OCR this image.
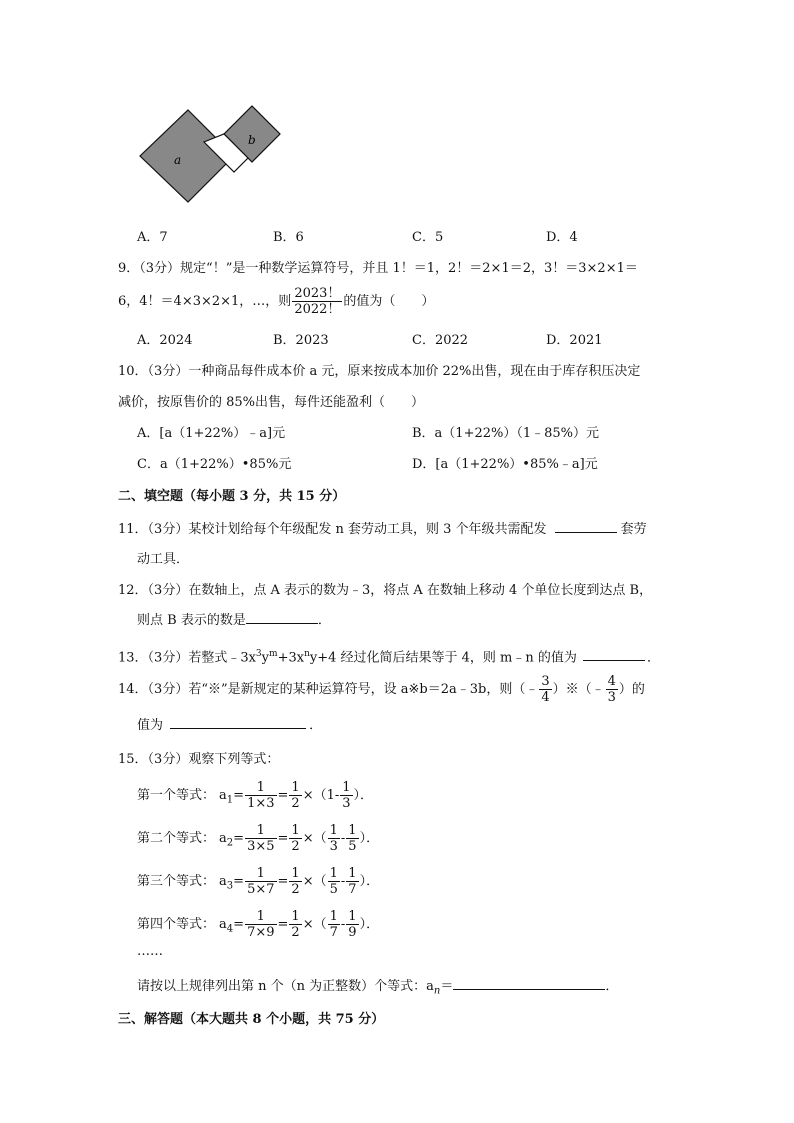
a
b
A．7	B．6	C．5	D．4
9．（3分）规定“！”是一种数学运算符号，并且 1！＝1，2！＝2×1＝2，3！＝3×2×1＝
6，4！＝4×3×2×1，…，则 $\frac{2023!}{2022!}$ 的值为（　　）
A．2024	B．2023	C．2022	D．2021
10．（3分）一种商品每件成本价 a 元，原来按成本加价 22%出售，现在由于库存积压决定
减价，按原售价的 85%出售，每件还能盈利（　　）
A．[a（1+22%）﹣a]元	B．a（1+22%）（1﹣85%）元
C．a（1+22%）•85%元	D．[a（1+22%）•85%﹣a]元
二、填空题（每小题 3 分，共 15 分）
11．（3分）某校计划给每个年级配发 n 套劳动工具，则 3 个年级共需配发	套劳
动工具．
12．（3分）在数轴上，点 A 表示的数为﹣3，将点 A 在数轴上移动 4 个单位长度到达点 B，
则点 B 表示的数是	．
13．（3分）若整式$﹣3x^3y^m+3x^ny+4$ 经过化简后结果等于 4，则 m﹣n 的值为	．
14．（3分）若“※”是新规定的某种运算符号，设 a※b＝2a﹣3b，则（﹣ $\frac{3}{4}$ ）※（﹣ $\frac{4}{3}$ ）的
值为	．
15．（3分）观察下列等式：
第一个等式： $a_1= \frac{1}{1\times 3} = \frac{1}{2} \times(1- \frac{1}{3}$ ）．
第二个等式： $a_2= \frac{1}{3\times 5} = \frac{1}{2}$ ×（ $\frac{1}{3} - \frac{1}{5}$ ）．
第三个等式： $a_3= \frac{1}{5\times 7} = \frac{1}{2}$ ×（ $\frac{1}{5} - \frac{1}{7}$ ）．
第四个等式： $a_4= \frac{1}{7\times 9} = \frac{1}{2}$ ×（ $\frac{1}{7} - \frac{1}{9}$ ）．
……
请按以上规律列出第 n 个（n 为正整数）个等式：$a_n=$	．
三、解答题（本大题共 8 个小题，共 75 分）
